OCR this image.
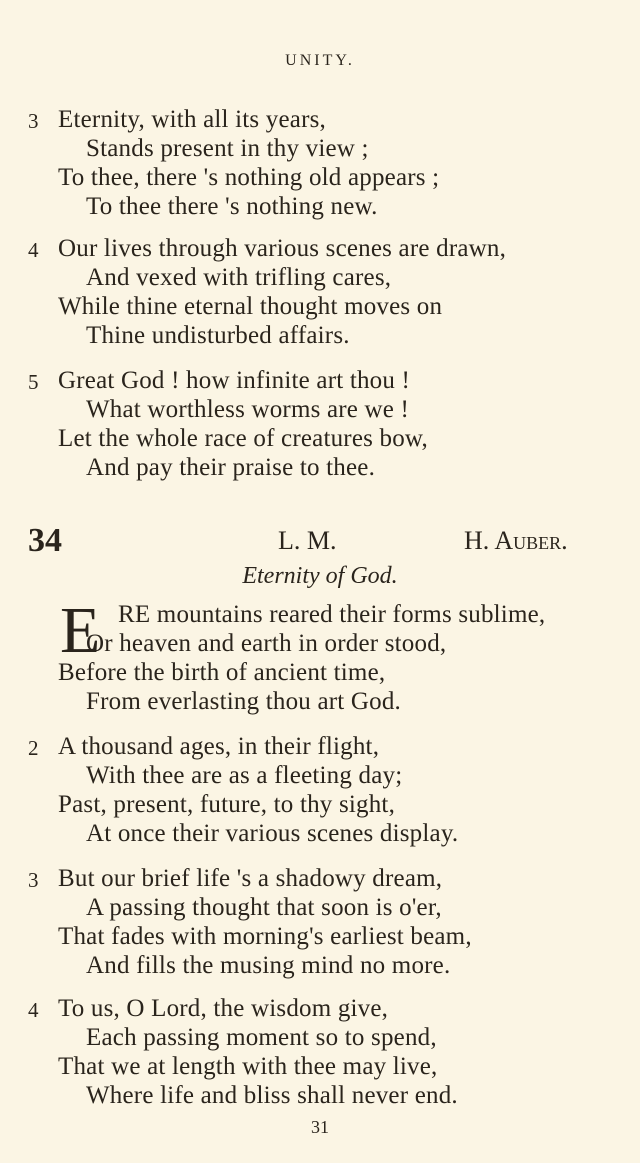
UNITY.
3 Eternity, with all its years,
Stands present in thy view ;
To thee, there 's nothing old appears ;
To thee there 's nothing new.
4 Our lives through various scenes are drawn,
And vexed with trifling cares,
While thine eternal thought moves on
Thine undisturbed affairs.
5 Great God ! how infinite art thou !
What worthless worms are we !
Let the whole race of creatures bow,
And pay their praise to thee.
34	L. M.	H. Auber.
Eternity of God.
E RE mountains reared their forms sublime,
Or heaven and earth in order stood,
Before the birth of ancient time,
From everlasting thou art God.
2 A thousand ages, in their flight,
With thee are as a fleeting day;
Past, present, future, to thy sight,
At once their various scenes display.
3 But our brief life 's a shadowy dream,
A passing thought that soon is o'er,
That fades with morning's earliest beam,
And fills the musing mind no more.
4 To us, O Lord, the wisdom give,
Each passing moment so to spend,
That we at length with thee may live,
Where life and bliss shall never end.
31
